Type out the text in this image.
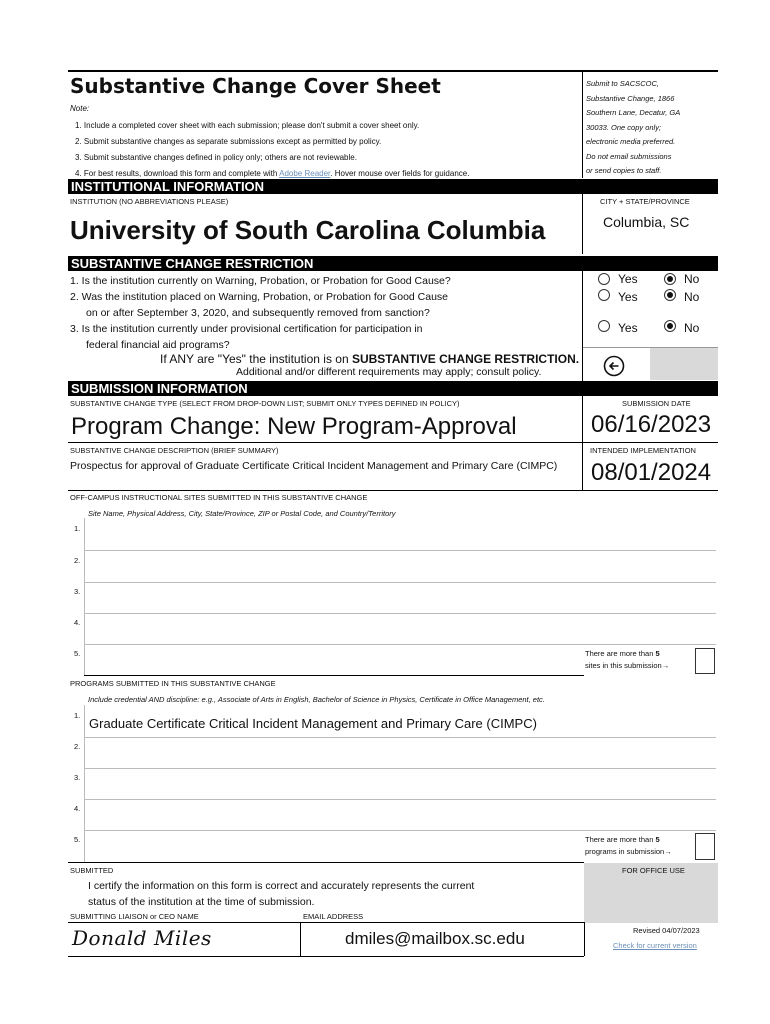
Substantive Change Cover Sheet
Note:
1. Include a completed cover sheet with each submission; please don't submit a cover sheet only.
2. Submit substantive changes as separate submissions except as permitted by policy.
3. Submit substantive changes defined in policy only; others are not reviewable.
4. For best results, download this form and complete with Adobe Reader. Hover mouse over fields for guidance.
Submit to SACSCOC,
Substantive Change, 1866
Southern Lane, Decatur, GA
30033. One copy only;
electronic media preferred.
Do not email submissions
or send copies to staff.
INSTITUTIONAL INFORMATION
INSTITUTION (NO ABBREVIATIONS PLEASE)
University of South Carolina Columbia
CITY + STATE/PROVINCE
Columbia, SC
SUBSTANTIVE CHANGE RESTRICTION
1. Is the institution currently on Warning, Probation, or Probation for Good Cause?
2. Was the institution placed on Warning, Probation, or Probation for Good Cause
on or after September 3, 2020, and subsequently removed from sanction?
3. Is the institution currently under provisional certification for participation in
federal financial aid programs?
Yes	No
Yes	No
Yes	No
If ANY are "Yes" the institution is on SUBSTANTIVE CHANGE RESTRICTION.
Additional and/or different requirements may apply; consult policy.
SUBMISSION INFORMATION
SUBSTANTIVE CHANGE TYPE (SELECT FROM DROP-DOWN LIST; SUBMIT ONLY TYPES DEFINED IN POLICY)
Program Change: New Program-Approval
SUBSTANTIVE CHANGE DESCRIPTION (BRIEF SUMMARY)
Prospectus for approval of Graduate Certificate Critical Incident Management and Primary Care (CIMPC)
SUBMISSION DATE
06/16/2023
INTENDED IMPLEMENTATION
08/01/2024
OFF-CAMPUS INSTRUCTIONAL SITES SUBMITTED IN THIS SUBSTANTIVE CHANGE
Site Name, Physical Address, City, State/Province, ZIP or Postal Code, and Country/Territory
1.
2.
3.
4.
5.	There are more than 5
sites in this submission→
PROGRAMS SUBMITTED IN THIS SUBSTANTIVE CHANGE
Include credential AND discipline: e.g., Associate of Arts in English, Bachelor of Science in Physics, Certificate in Office Management, etc.
1.
Graduate Certificate Critical Incident Management and Primary Care (CIMPC)
2.
3.
4.
5.	There are more than 5
programs in submission→
SUBMITTED
I certify the information on this form is correct and accurately represents the current
status of the institution at the time of submission.
FOR OFFICE USE
SUBMITTING LIAISON or CEO NAME	EMAIL ADDRESS
Donald Miles	dmiles@mailbox.sc.edu	Revised 04/07/2023
Check for current version
